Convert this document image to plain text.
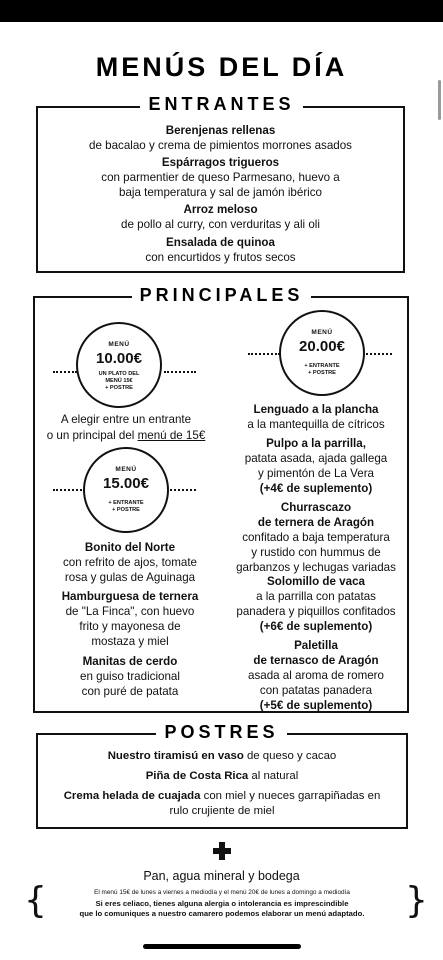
MENÚS DEL DÍA
ENTRANTES
Berenjenas rellenas
de bacalao y crema de pimientos morrones asados
Espárragos trigueros
con parmentier de queso Parmesano, huevo a
baja temperatura y sal de jamón ibérico
Arroz meloso
de pollo al curry, con verduritas y ali oli
Ensalada de quinoa
con encurtidos y frutos secos
PRINCIPALES
MENÚ
10.00€
UN PLATO DEL
MENÚ 15€
+ POSTRE
A elegir entre un entrante
o un principal del menú de 15€
MENÚ
15.00€
+ ENTRANTE
+ POSTRE
MENÚ
20.00€
+ ENTRANTE
+ POSTRE
Bonito del Norte
con refrito de ajos, tomate
rosa y gulas de Aguinaga
Hamburguesa de ternera
de "La Finca", con huevo
frito y mayonesa de
mostaza y miel
Manitas de cerdo
en guiso tradicional
con puré de patata
Lenguado a la plancha
a la mantequilla de cítricos
Pulpo a la parrilla,
patata asada, ajada gallega
y pimentón de La Vera
(+4€ de suplemento)
Churrascazo
de ternera de Aragón
confitado a baja temperatura
y rustido con hummus de
garbanzos y lechugas variadas
Solomillo de vaca
a la parrilla con patatas
panadera y piquillos confitados
(+6€ de suplemento)
Paletilla
de ternasco de Aragón
asada al aroma de romero
con patatas panadera
(+5€ de suplemento)
POSTRES
Nuestro tiramisú en vaso de queso y cacao
Piña de Costa Rica al natural
Crema helada de cuajada con miel y nueces garrapiñadas en
rulo crujiente de miel
Pan, agua mineral y bodega
{	}
El menú 15€ de lunes a viernes a mediodía y el menú 20€ de lunes a domingo a mediodía
Si eres celiaco, tienes alguna alergia o intolerancia es imprescindible
que lo comuniques a nuestro camarero podemos elaborar un menú adaptado.
